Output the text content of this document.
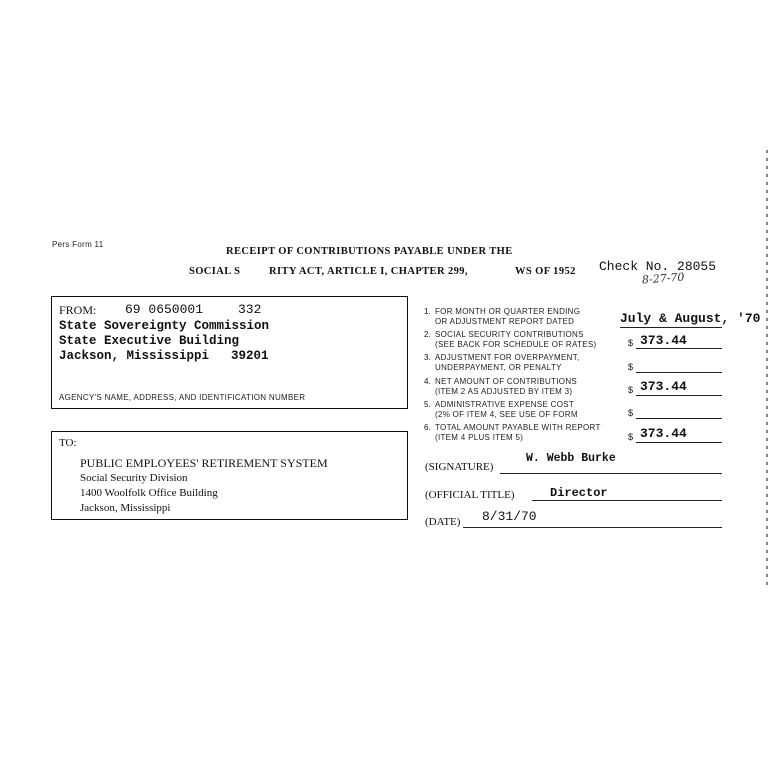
Pers Form 11
RECEIPT OF CONTRIBUTIONS PAYABLE UNDER THE
SOCIAL S	RITY ACT, ARTICLE I, CHAPTER 299,	WS OF 1952 Check No. 28055
8-27-70
FROM: 69 0650001	332
State Sovereignty Commission
State Executive Building
Jackson, Mississippi 39201
AGENCY'S NAME, ADDRESS, AND IDENTIFICATION NUMBER
TO:
PUBLIC EMPLOYEES' RETIREMENT SYSTEM
Social Security Division
1400 Woolfolk Office Building
Jackson, Mississippi
1. FOR MONTH OR QUARTER ENDING
OR ADJUSTMENT REPORT DATED	July & August, '70
2. SOCIAL SECURITY CONTRIBUTIONS
(SEE BACK FOR SCHEDULE OF RATES)	$ 373.44
3. ADJUSTMENT FOR OVERPAYMENT,
UNDERPAYMENT, OR PENALTY	$
4. NET AMOUNT OF CONTRIBUTIONS
(ITEM 2 AS ADJUSTED BY ITEM 3)	$ 373.44
5. ADMINISTRATIVE EXPENSE COST
(2% OF ITEM 4, SEE USE OF FORM	$
6. TOTAL AMOUNT PAYABLE WITH REPORT
(ITEM 4 PLUS ITEM 5)	$ 373.44
(SIGNATURE)
W. Webb Burke
(OFFICIAL TITLE)	Director
(DATE) 8/31/70
